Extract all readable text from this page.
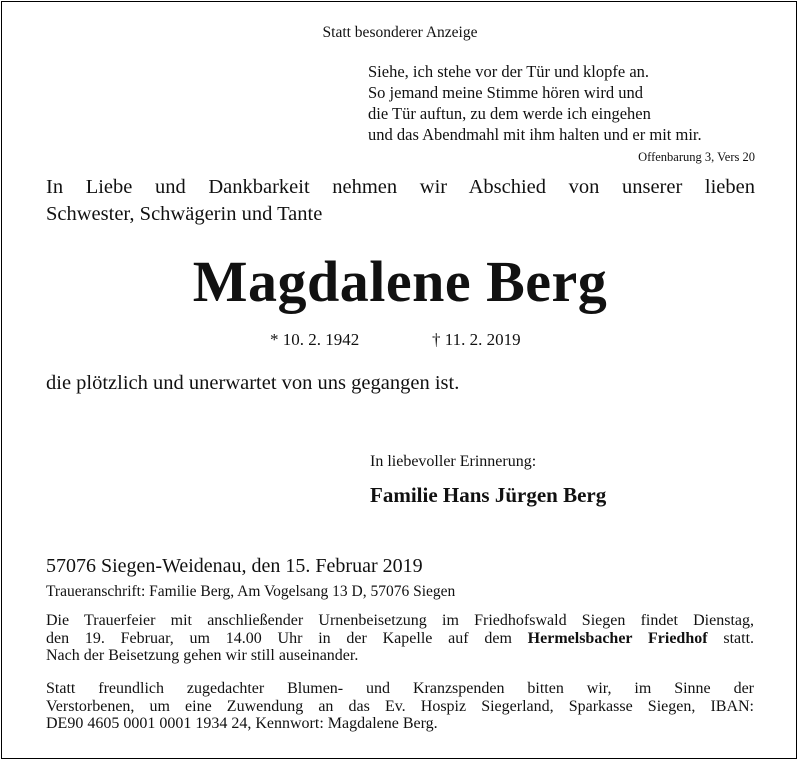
Statt besonderer Anzeige
Siehe, ich stehe vor der Tür und klopfe an.
So jemand meine Stimme hören wird und
die Tür auftun, zu dem werde ich eingehen
und das Abendmahl mit ihm halten und er mit mir.
Offenbarung 3, Vers 20
In Liebe und Dankbarkeit nehmen wir Abschied von unserer lieben
Schwester, Schwägerin und Tante
Magdalene Berg
* 10. 2. 1942	† 11. 2. 2019
die plötzlich und unerwartet von uns gegangen ist.
In liebevoller Erinnerung:
Familie Hans Jürgen Berg
57076 Siegen-Weidenau, den 15. Februar 2019
Traueranschrift: Familie Berg, Am Vogelsang 13 D, 57076 Siegen
Die Trauerfeier mit anschließender Urnenbeisetzung im Friedhofswald Siegen findet Dienstag,
den 19. Februar, um 14.00 Uhr in der Kapelle auf dem Hermelsbacher Friedhof statt.
Nach der Beisetzung gehen wir still auseinander.
Statt freundlich zugedachter Blumen- und Kranzspenden bitten wir, im Sinne der
Verstorbenen, um eine Zuwendung an das Ev. Hospiz Siegerland, Sparkasse Siegen, IBAN:
DE90 4605 0001 0001 1934 24, Kennwort: Magdalene Berg.
